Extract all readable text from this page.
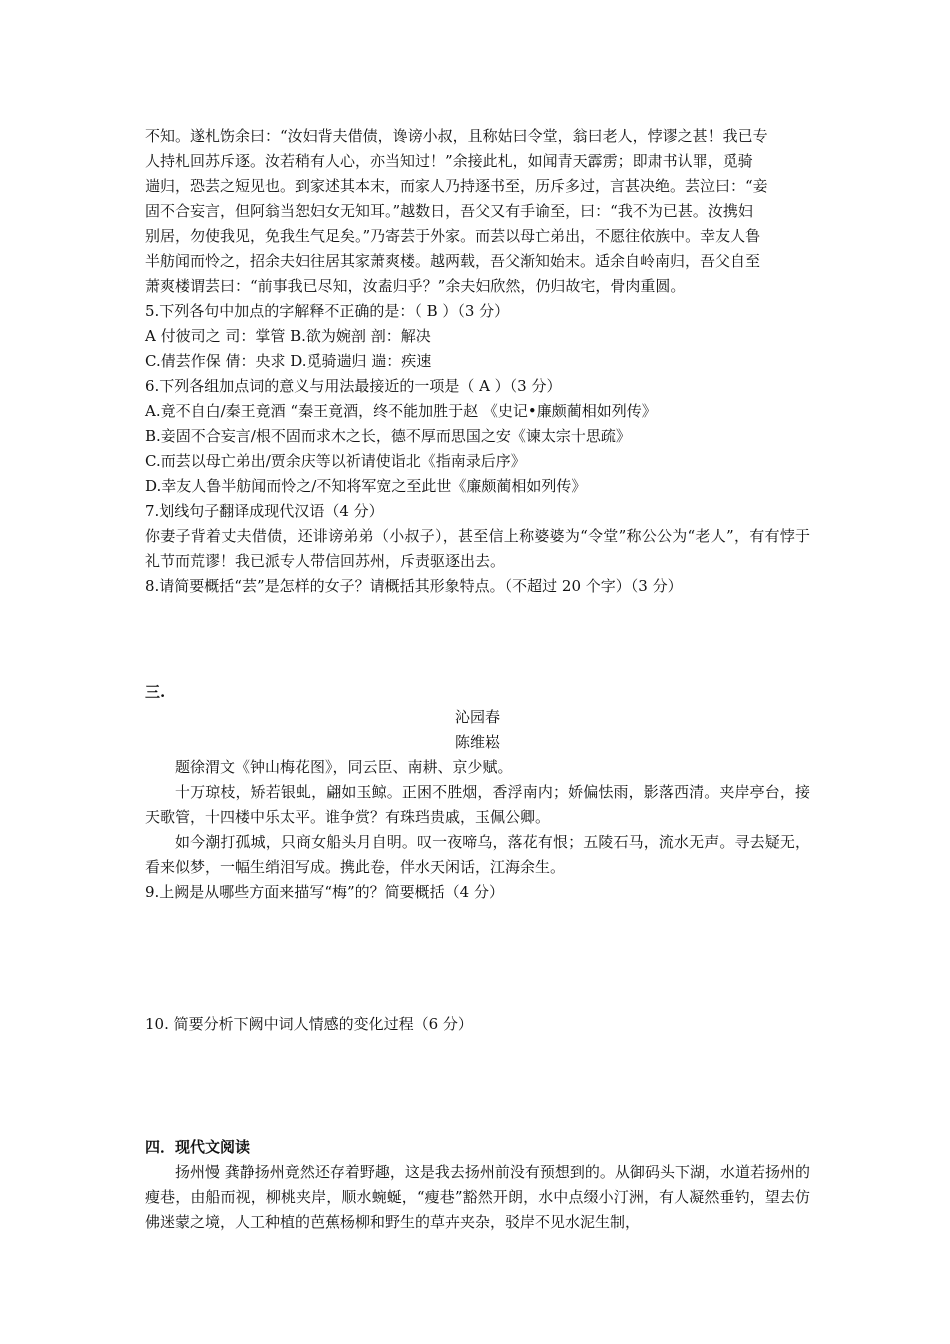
不知。遂札饬余曰：“汝妇背夫借债，谗谤小叔，且称姑曰令堂，翁曰老人，悖谬之甚！我已专

人持札回苏斥逐。汝若稍有人心，亦当知过！”余接此札，如闻青天霹雳；即肃书认罪，觅骑

遄归，恐芸之短见也。到家述其本末，而家人乃持逐书至，历斥多过，言甚决绝。芸泣曰：“妾

固不合妄言，但阿翁当恕妇女无知耳。”越数日，吾父又有手谕至，曰：“我不为已甚。汝携妇

别居，勿使我见，免我生气足矣。”乃寄芸于外家。而芸以母亡弟出，不愿往依族中。幸友人鲁

半舫闻而怜之，招余夫妇往居其家萧爽楼。越两载，吾父渐知始末。适余自岭南归，吾父自至

萧爽楼谓芸曰：“前事我已尽知，汝盍归乎？”余夫妇欣然，仍归故宅，骨肉重圆。

5.下列各句中加点的字解释不正确的是：（ B ）（3 分）

A 付彼司之 司：掌管 B.欲为婉剖 剖：解决

C.倩芸作保 倩：央求 D.觅骑遄归 遄：疾速

6.下列各组加点词的意义与用法最接近的一项是（ A ）（3 分）

A.竟不自白/秦王竟酒 “秦王竟酒，终不能加胜于赵 《史记•廉颇蔺相如列传》

B.妾固不合妄言/根不固而求木之长，德不厚而思国之安《谏太宗十思疏》

C.而芸以母亡弟出/贾余庆等以祈请使诣北《指南录后序》

D.幸友人鲁半舫闻而怜之/不知将军宽之至此世《廉颇蔺相如列传》

7.划线句子翻译成现代汉语（4 分）

你妻子背着丈夫借债，还诽谤弟弟（小叔子），甚至信上称婆婆为“令堂”称公公为“老人”，有有悖于礼节而荒谬！我已派专人带信回苏州，斥责驱逐出去。

8.请简要概括“芸”是怎样的女子？请概括其形象特点。（不超过 20 个字）（3 分）

三.

沁园春

陈维崧

题徐渭文《钟山梅花图》，同云臣、南耕、京少赋。

十万琼枝，矫若银虬，翩如玉鲸。正困不胜烟，香浮南内；娇偏怯雨，影落西清。夹岸亭台，接天歌管，十四楼中乐太平。谁争赏？有珠珰贵戚，玉佩公卿。

如今潮打孤城，只商女船头月自明。叹一夜啼乌，落花有恨；五陵石马，流水无声。寻去疑无，看来似梦，一幅生绡泪写成。携此卷，伴水天闲话，江海余生。

9.上阙是从哪些方面来描写“梅”的？简要概括（4 分）

10. 简要分析下阙中词人情感的变化过程（6 分）

四．现代文阅读

扬州慢 龚静扬州竟然还存着野趣，这是我去扬州前没有预想到的。从御码头下湖，水道若扬州的瘦巷，由船而视，柳桃夹岸，顺水蜿蜒，“瘦巷”豁然开朗，水中点缀小汀洲，有人凝然垂钓，望去仿佛迷蒙之境，人工种植的芭蕉杨柳和野生的草卉夹杂，驳岸不见水泥生制，
